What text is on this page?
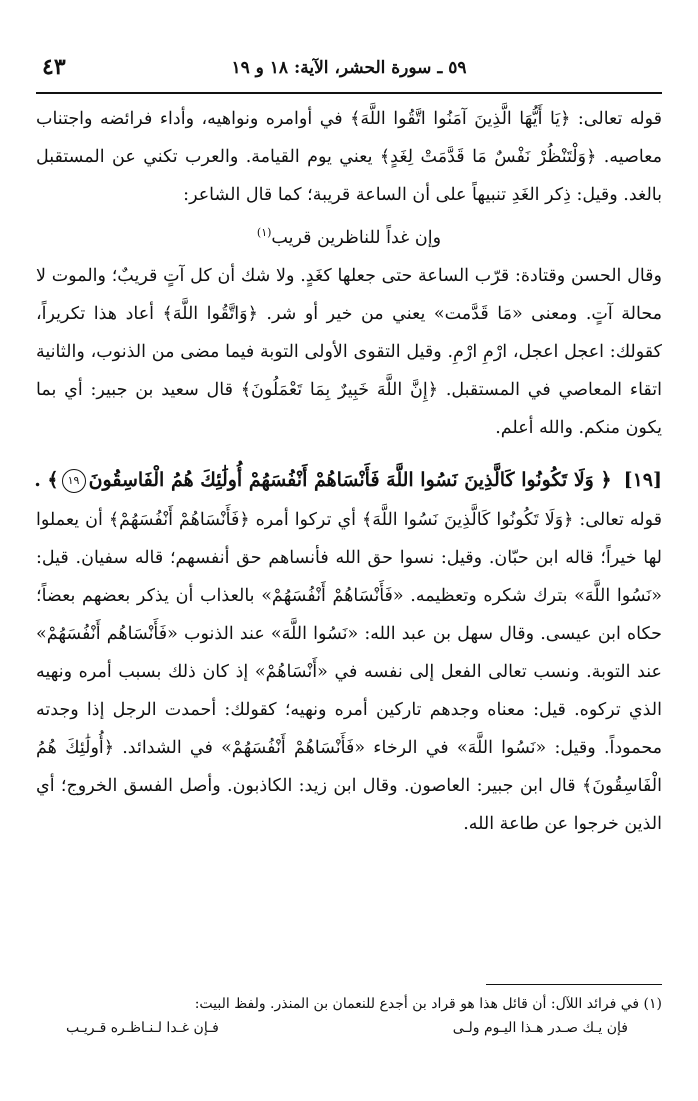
٥٩ ـ سورة الحشر، الآية: ١٨ و ١٩
٤٣

قوله تعالى: ﴿يَا أَيُّهَا الَّذِينَ آمَنُوا اتَّقُوا اللَّهَ﴾ في أوامره ونواهيه، وأداء فرائضه واجتناب معاصيه. ﴿وَلْتَنْظُرْ نَفْسٌ مَا قَدَّمَتْ لِغَدٍ﴾ يعني يوم القيامة. والعرب تكني عن المستقبل بالغد. وقيل: ذِكر الغَدِ تنبيهاً على أن الساعة قريبة؛ كما قال الشاعر:

وإن غداً للناظرين قريب$^{(١)}$

وقال الحسن وقتادة: قرّب الساعة حتى جعلها كغَدٍ. ولا شك أن كل آتٍ قريبٌ؛ والموت لا محالة آتٍ. ومعنى «مَا قَدَّمت» يعني من خير أو شر. ﴿وَاتَّقُوا اللَّهَ﴾ أعاد هذا تكريراً، كقولك: اعجل اعجل، ارْمِ ارْمِ. وقيل التقوى الأولى التوبة فيما مضى من الذنوب، والثانية اتقاء المعاصي في المستقبل. ﴿إِنَّ اللَّهَ خَبِيرٌ بِمَا تَعْمَلُونَ﴾ قال سعيد بن جبير: أي بما يكون منكم. والله أعلم.

[١٩]﴿ وَلَا تَكُونُوا كَالَّذِينَ نَسُوا اللَّهَ فَأَنْسَاهُمْ أَنْفُسَهُمْ أُولَٰئِكَ هُمُ الْفَاسِقُونَ١٩﴾ .

قوله تعالى: ﴿وَلَا تَكُونُوا كَالَّذِينَ نَسُوا اللَّهَ﴾ أي تركوا أمره ﴿فَأَنْسَاهُمْ أَنْفُسَهُمْ﴾ أن يعملوا لها خيراً؛ قاله ابن حبّان. وقيل: نسوا حق الله فأنساهم حق أنفسهم؛ قاله سفيان. قيل: «نَسُوا اللَّهَ» بترك شكره وتعظيمه. «فَأَنْسَاهُمْ أَنْفُسَهُمْ» بالعذاب أن يذكر بعضهم بعضاً؛ حكاه ابن عيسى. وقال سهل بن عبد الله: «نَسُوا اللَّهَ» عند الذنوب «فَأَنْسَاهُم أَنْفُسَهُمْ» عند التوبة. ونسب تعالى الفعل إلى نفسه في «أَنْسَاهُمْ» إذ كان ذلك بسبب أمره ونهيه الذي تركوه. قيل: معناه وجدهم تاركين أمره ونهيه؛ كقولك: أحمدت الرجل إذا وجدته محموداً. وقيل: «نَسُوا اللَّهَ» في الرخاء «فَأَنْسَاهُمْ أَنْفُسَهُمْ» في الشدائد. ﴿أُولَٰئِكَ هُمُ الْفَاسِقُونَ﴾ قال ابن جبير: العاصون. وقال ابن زيد: الكاذبون. وأصل الفسق الخروج؛ أي الذين خرجوا عن طاعة الله.

(١) في فرائد اللآل: أن قائل هذا هو قراد بن أجدع للنعمان بن المنذر. ولفظ البيت:
فإن يـك صـدر هـذا اليـوم ولـى
فـإن غـدا لـنـاظـره قـريـب
